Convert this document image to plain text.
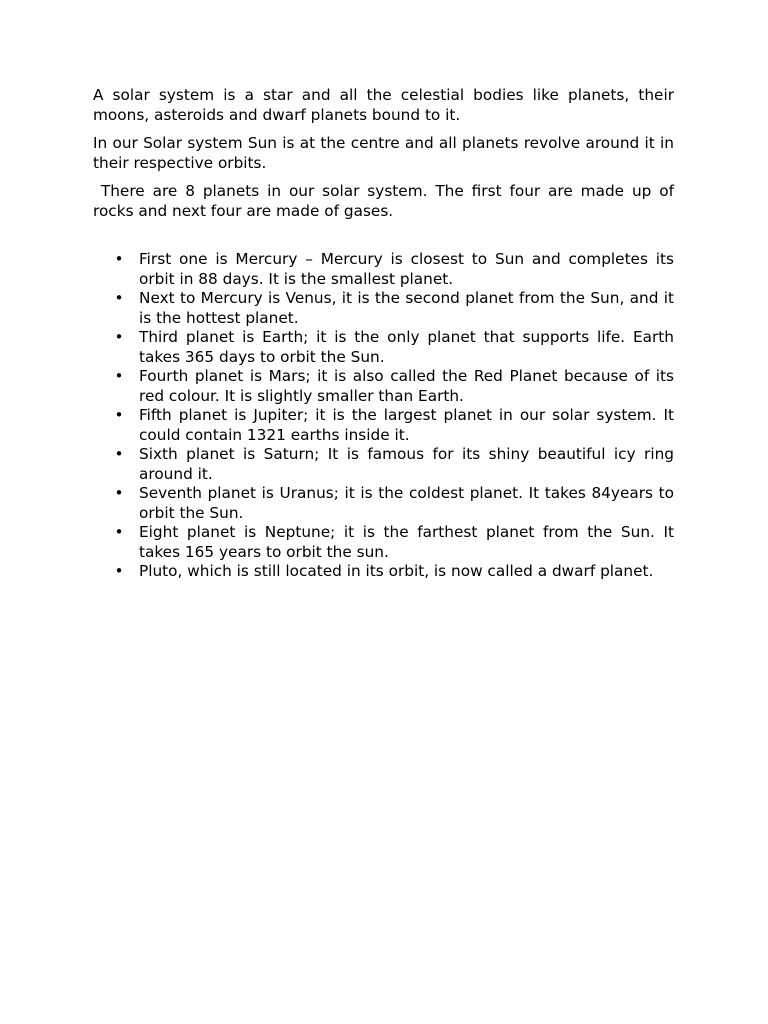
A solar system is a star and all the celestial bodies like planets, their moons, asteroids and dwarf planets bound to it.

In our Solar system Sun is at the centre and all planets revolve around it in their respective orbits.

There are 8 planets in our solar system. The first four are made up of rocks and next four are made of gases.

• First one is Mercury – Mercury is closest to Sun and completes its orbit in 88 days. It is the smallest planet.
• Next to Mercury is Venus, it is the second planet from the Sun, and it is the hottest planet.
• Third planet is Earth; it is the only planet that supports life. Earth takes 365 days to orbit the Sun.
• Fourth planet is Mars; it is also called the Red Planet because of its red colour. It is slightly smaller than Earth.
• Fifth planet is Jupiter; it is the largest planet in our solar system. It could contain 1321 earths inside it.
• Sixth planet is Saturn; It is famous for its shiny beautiful icy ring around it.
• Seventh planet is Uranus; it is the coldest planet. It takes 84years to orbit the Sun.
• Eight planet is Neptune; it is the farthest planet from the Sun. It takes 165 years to orbit the sun.
• Pluto, which is still located in its orbit, is now called a dwarf planet.
